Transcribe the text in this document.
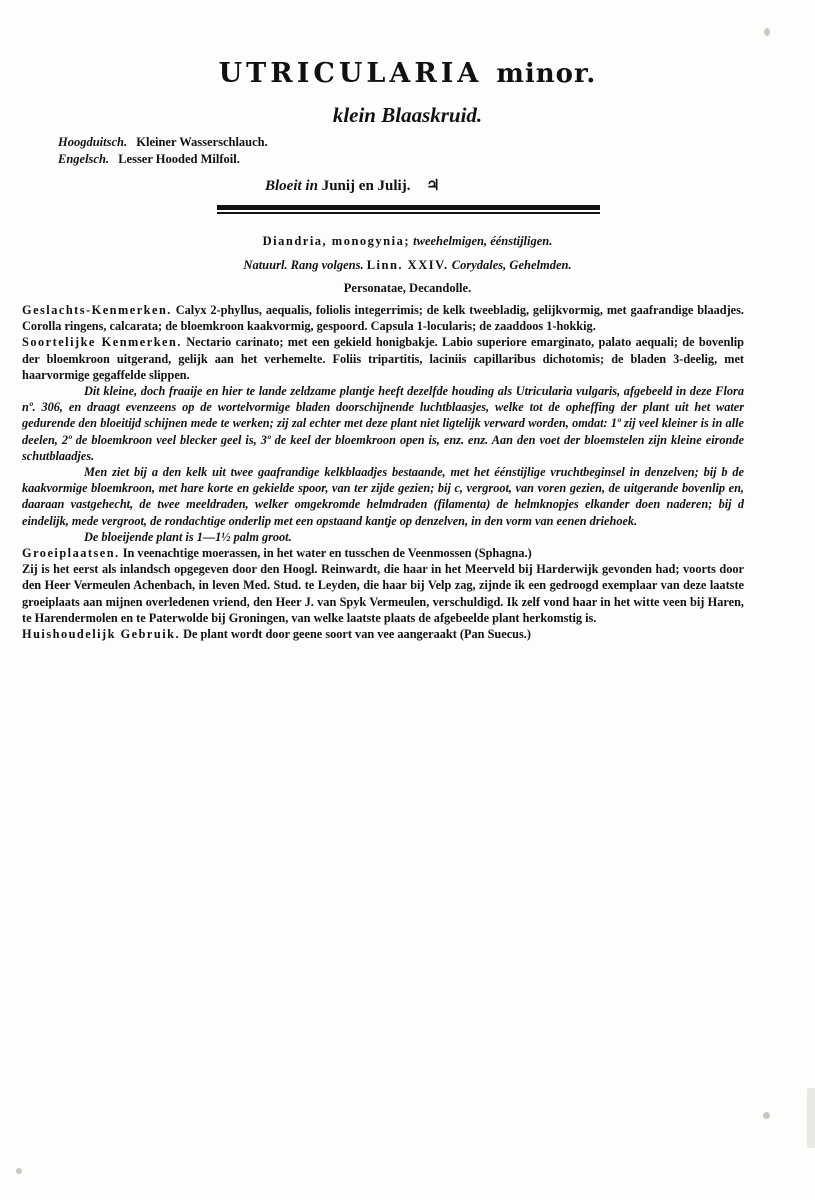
UTRICULARIA minor.
klein Blaaskruid.
Hoogduitsch. Kleiner Wasserschlauch.
Engelsch. Lesser Hooded Milfoil.
Bloeit in Junij en Julij. ♃
Diandria, monogynia; tweehelmigen, éénstijligen.
Natuurl. Rang volgens. Linn. XXIV. Corydales, Gehelmden.
Personatae, Decandolle.

Geslachts-Kenmerken. Calyx 2-phyllus, aequalis, foliolis integerrimis; de kelk tweebladig, gelijkvormig, met gaafrandige blaadjes. Corolla ringens, calcarata; de bloemkroon kaakvormig, gespoord. Capsula 1-locularis; de zaaddoos 1-hokkig.

Soortelijke Kenmerken. Nectario carinato; met een gekield honigbakje. Labio superiore emarginato, palato aequali; de bovenlip der bloemkroon uitgerand, gelijk aan het verhemelte. Foliis tripartitis, laciniis capillaribus dichotomis; de bladen 3-deelig, met haarvormige gegaffelde slippen.

Dit kleine, doch fraaije en hier te lande zeldzame plantje heeft dezelfde houding als Utricularia vulgaris, afgebeeld in deze Flora nº. 306, en draagt evenzeens op de wortelvormige bladen doorschijnende luchtblaasjes, welke tot de opheffing der plant uit het water gedurende den bloeitijd schijnen mede te werken; zij zal echter met deze plant niet ligtelijk verward worden, omdat: 1º zij veel kleiner is in alle deelen, 2º de bloemkroon veel blecker geel is, 3º de keel der bloemkroon open is, enz. enz. Aan den voet der bloemstelen zijn kleine eironde schutblaadjes.

Men ziet bij a den kelk uit twee gaafrandige kelkblaadjes bestaande, met het éénstijlige vruchtbeginsel in denzelven; bij b de kaakvormige bloemkroon, met hare korte en gekielde spoor, van ter zijde gezien; bij c, vergroot, van voren gezien, de uitgerande bovenlip en, daaraan vastgehecht, de twee meeldraden, welker omgekromde helmdraden (filamenta) de helmknopjes elkander doen naderen; bij d eindelijk, mede vergroot, de rondachtige onderlip met een opstaand kantje op denzelven, in den vorm van eenen driehoek.

De bloeijende plant is 1—1½ palm groot.

Groeiplaatsen. In veenachtige moerassen, in het water en tusschen de Veenmossen (Sphagna.)

Zij is het eerst als inlandsch opgegeven door den Hoogl. Reinwardt, die haar in het Meerveld bij Harderwijk gevonden had; voorts door den Heer Vermeulen Achenbach, in leven Med. Stud. te Leyden, die haar bij Velp zag, zijnde ik een gedroogd exemplaar van deze laatste groeiplaats aan mijnen overledenen vriend, den Heer J. van Spyk Vermeulen, verschuldigd. Ik zelf vond haar in het witte veen bij Haren, te Harendermolen en te Paterwolde bij Groningen, van welke laatste plaats de afgebeelde plant herkomstig is.

Huishoudelijk Gebruik. De plant wordt door geene soort van vee aangeraakt (Pan Suecus.)
